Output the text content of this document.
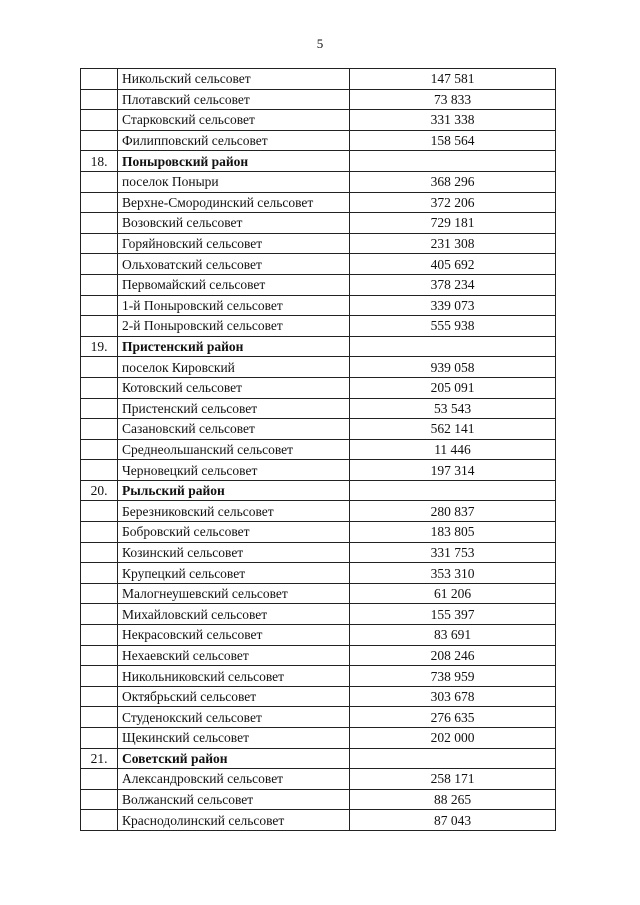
5
	Никольский сельсовет	147 581
	Плотавский сельсовет	73 833
	Старковский сельсовет	331 338
	Филипповский сельсовет	158 564
18.	Поныровский район	
	поселок Поныри	368 296
	Верхне-Смородинский сельсовет	372 206
	Возовский сельсовет	729 181
	Горяйновский сельсовет	231 308
	Ольховатский сельсовет	405 692
	Первомайский сельсовет	378 234
	1-й Поныровский сельсовет	339 073
	2-й Поныровский сельсовет	555 938
19.	Пристенский район	
	поселок Кировский	939 058
	Котовский сельсовет	205 091
	Пристенский сельсовет	53 543
	Сазановский сельсовет	562 141
	Среднеольшанский сельсовет	11 446
	Черновецкий сельсовет	197 314
20.	Рыльский район	
	Березниковский сельсовет	280 837
	Бобровский сельсовет	183 805
	Козинский сельсовет	331 753
	Крупецкий сельсовет	353 310
	Малогнеушевский сельсовет	61 206
	Михайловский сельсовет	155 397
	Некрасовский сельсовет	83 691
	Нехаевский сельсовет	208 246
	Никольниковский сельсовет	738 959
	Октябрьский сельсовет	303 678
	Студенокский сельсовет	276 635
	Щекинский сельсовет	202 000
21.	Советский район	
	Александровский сельсовет	258 171
	Волжанский сельсовет	88 265
	Краснодолинский сельсовет	87 043
